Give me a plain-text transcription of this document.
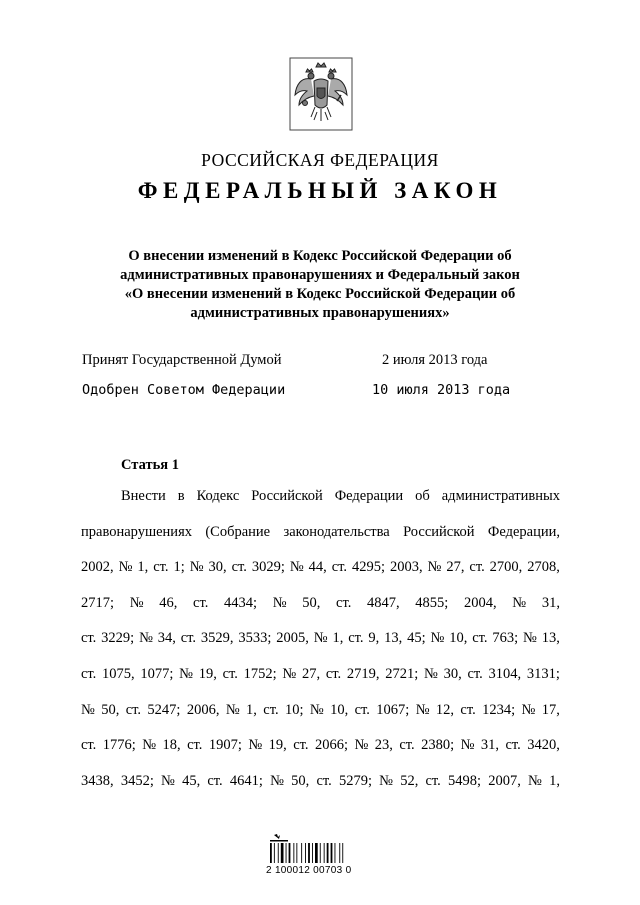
РОССИЙСКАЯ ФЕДЕРАЦИЯ
ФЕДЕРАЛЬНЫЙ ЗАКОН
О внесении изменений в Кодекс Российской Федерации об
административных правонарушениях и Федеральный закон
«О внесении изменений в Кодекс Российской Федерации об
административных правонарушениях»
Принят Государственной Думой	2 июля 2013 года
Одобрен Советом Федерации	10 июля 2013 года
Статья 1
Внести в Кодекс Российской Федерации об административных
правонарушениях (Собрание законодательства Российской Федерации,
2002, № 1, ст. 1; № 30, ст. 3029; № 44, ст. 4295; 2003, № 27, ст. 2700, 2708,
2717; № 46, ст. 4434; № 50, ст. 4847, 4855; 2004, № 31,
ст. 3229; № 34, ст. 3529, 3533; 2005, № 1, ст. 9, 13, 45; № 10, ст. 763; № 13,
ст. 1075, 1077; № 19, ст. 1752; № 27, ст. 2719, 2721; № 30, ст. 3104, 3131;
№ 50, ст. 5247; 2006, № 1, ст. 10; № 10, ст. 1067; № 12, ст. 1234; № 17,
ст. 1776; № 18, ст. 1907; № 19, ст. 2066; № 23, ст. 2380; № 31, ст. 3420,
3438, 3452; № 45, ст. 4641; № 50, ст. 5279; № 52, ст. 5498; 2007, № 1,
2 100012 00703 0
